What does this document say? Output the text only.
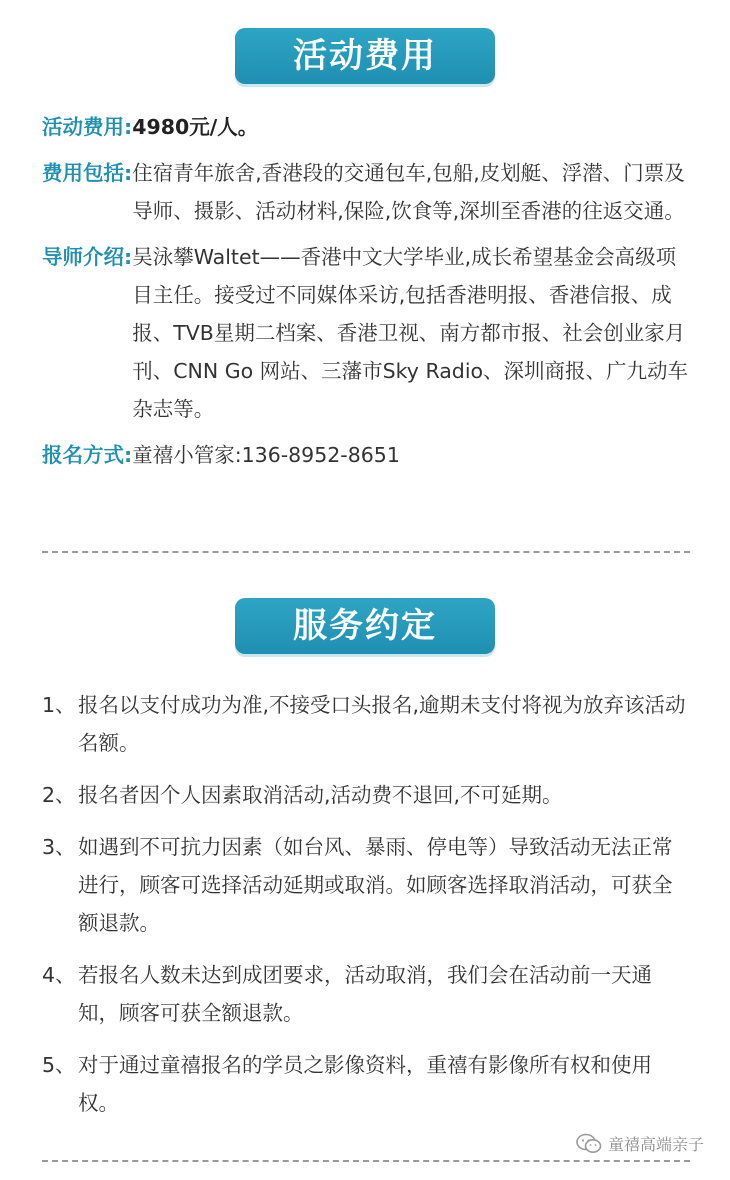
活动费用
活动费用 : 4980元/人。
费用包括 : 住宿青年旅舍,香港段的交通包车,包船,皮划艇、浮潜、门票及导师、摄影、活动材料,保险,饮食等,深圳至香港的往返交通。
导师介绍 : 吴泳攀Waltet——香港中文大学毕业,成长希望基金会高级项目主任。接受过不同媒体采访,包括香港明报、香港信报、成报、TVB星期二档案、香港卫视、南方都市报、社会创业家月刊、CNN Go 网站、三藩市Sky Radio、深圳商报、广九动车杂志等。
报名方式 : 童禧小管家:136-8952-8651
服务约定
1、 报名以支付成功为准,不接受口头报名,逾期未支付将视为放弃该活动名额。
2、 报名者因个人因素取消活动,活动费不退回,不可延期。
3、 如遇到不可抗力因素（如台风、暴雨、停电等）导致活动无法正常进行，顾客可选择活动延期或取消。如顾客选择取消活动，可获全额退款。
4、 若报名人数未达到成团要求，活动取消，我们会在活动前一天通知，顾客可获全额退款。
5、 对于通过童禧报名的学员之影像资料，重禧有影像所有权和使用权。
童禧高端亲子
